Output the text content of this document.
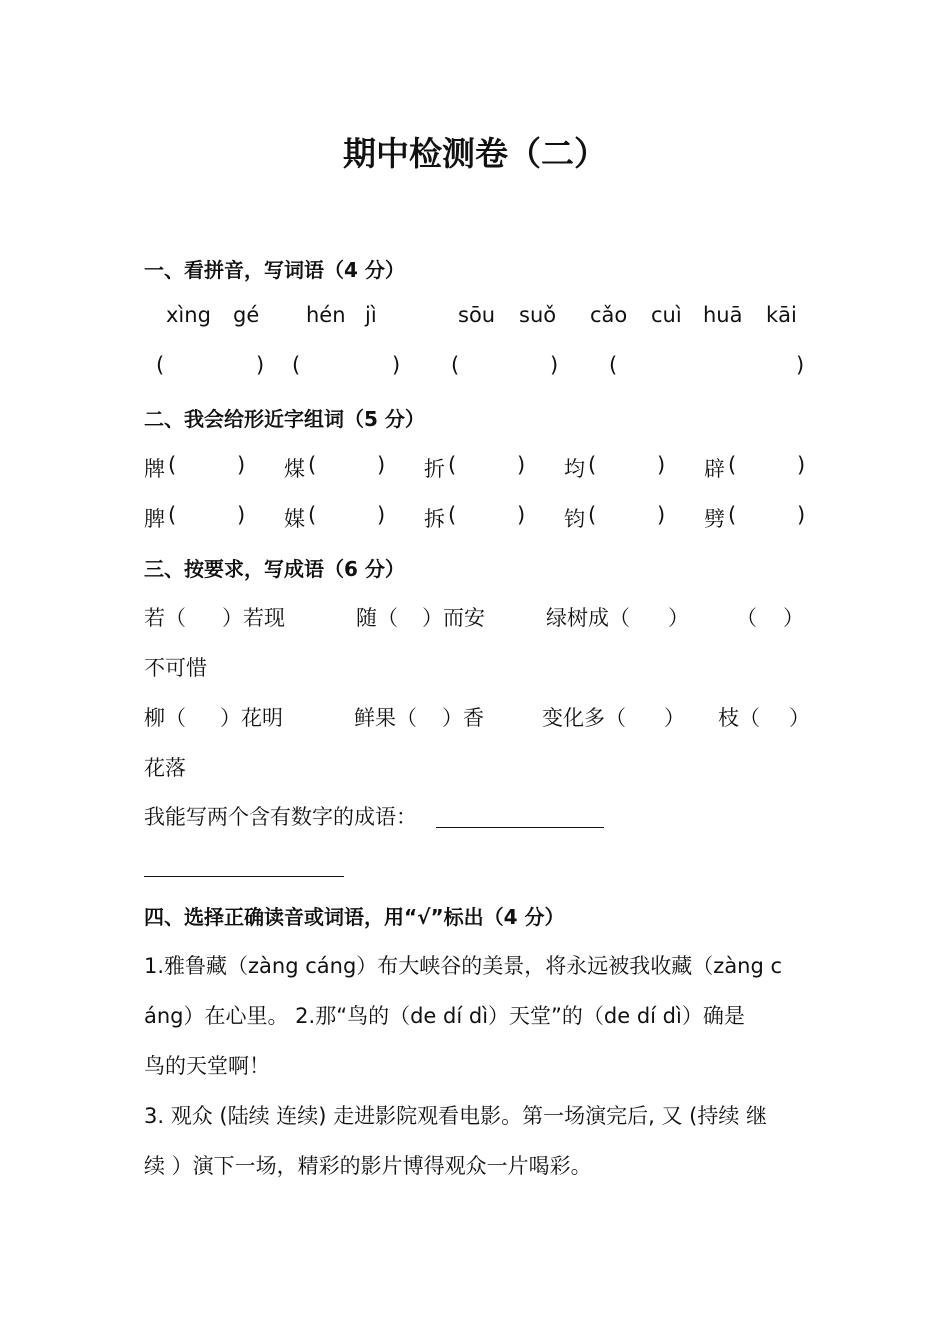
期中检测卷（二）
一、看拼音，写词语（4 分）
xìng gé hén jì	sōu suǒ cǎo cuì huā kāi
(	) (	) (	) (	)
二、我会给形近字组词（5 分）
牌 (	) 煤 (	) 折 (	) 均 (	) 辟 (	)
脾 (	) 媒 (	) 拆 (	) 钧 (	) 劈 (	)
三、按要求，写成语（6 分）
若（ ）若现	随（ ）而安	绿树成（ ） （ ）
不可惜
柳（ ）花明	鲜果（ ）香	变化多（ ） 枝（ ）
花落
我能写两个含有数字的成语：
四、选择正确读音或词语，用“√”标出（4 分）
1.雅鲁藏（zàng cáng）布大峡谷的美景，将永远被我收藏（zàng c
áng）在心里。 2.那“鸟的（de dí dì）天堂”的（de dí dì）确是
鸟的天堂啊！
3. 观众 (陆续 连续) 走进影院观看电影。第一场演完后, 又 (持续 继
续 ）演下一场，精彩的影片博得观众一片喝彩。
